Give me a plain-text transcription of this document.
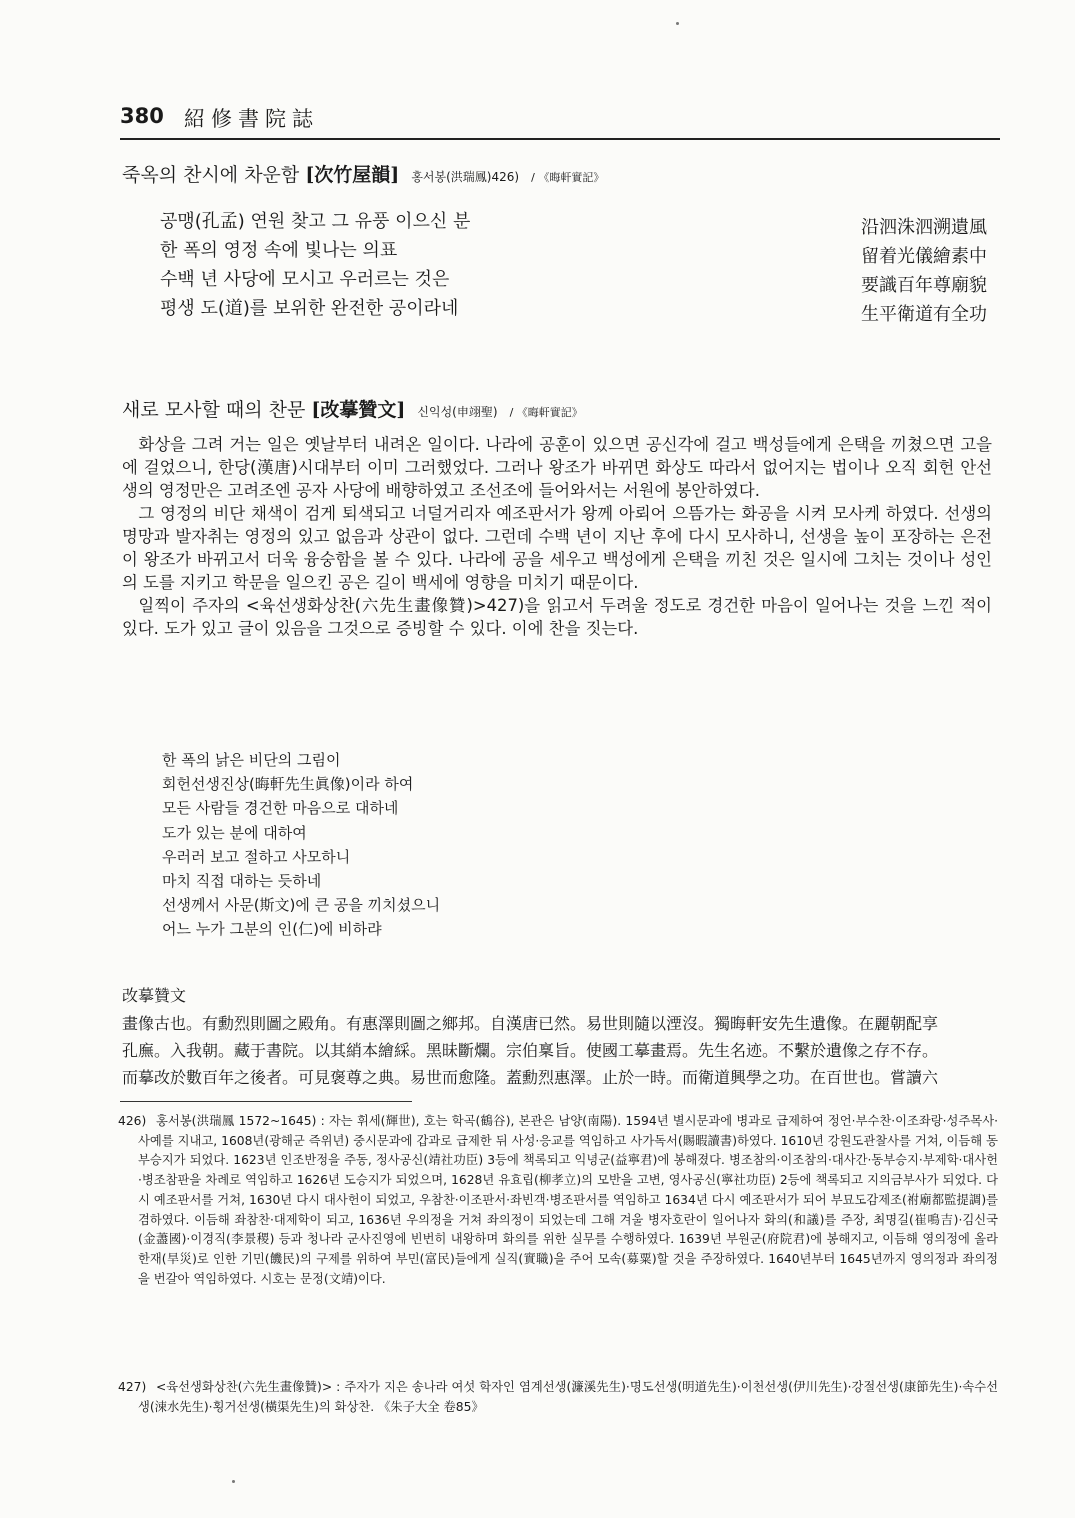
380 紹修書院誌
죽옥의 찬시에 차운함 [次竹屋韻] 홍서봉(洪瑞鳳)426) / 《晦軒實記》
공맹(孔孟) 연원 찾고 그 유풍 이으신 분
한 폭의 영정 속에 빛나는 의표
수백 년 사당에 모시고 우러르는 것은
평생 도(道)를 보위한 완전한 공이라네
沿泗洙泗溯遺風
留着光儀繪素中
要識百年尊廟貌
生平衛道有全功
새로 모사할 때의 찬문 [改摹贊文] 신익성(申翊聖) / 《晦軒實記》

화상을 그려 거는 일은 옛날부터 내려온 일이다. 나라에 공훈이 있으면 공신각에 걸고 백성들에게 은택을 끼쳤으면 고을에 걸었으니, 한당(漢唐)시대부터 이미 그러했었다. 그러나 왕조가 바뀌면 화상도 따라서 없어지는 법이나 오직 회헌 안선생의 영정만은 고려조엔 공자 사당에 배향하였고 조선조에 들어와서는 서원에 봉안하였다.

그 영정의 비단 채색이 검게 퇴색되고 너덜거리자 예조판서가 왕께 아뢰어 으뜸가는 화공을 시켜 모사케 하였다. 선생의 명망과 발자취는 영정의 있고 없음과 상관이 없다. 그런데 수백 년이 지난 후에 다시 모사하니, 선생을 높이 포장하는 은전이 왕조가 바뀌고서 더욱 융숭함을 볼 수 있다. 나라에 공을 세우고 백성에게 은택을 끼친 것은 일시에 그치는 것이나 성인의 도를 지키고 학문을 일으킨 공은 길이 백세에 영향을 미치기 때문이다.

일찍이 주자의 <육선생화상찬(六先生畫像贊)>427)을 읽고서 두려울 정도로 경건한 마음이 일어나는 것을 느낀 적이 있다. 도가 있고 글이 있음을 그것으로 증빙할 수 있다. 이에 찬을 짓는다.

한 폭의 낡은 비단의 그림이
회헌선생진상(晦軒先生眞像)이라 하여
모든 사람들 경건한 마음으로 대하네
도가 있는 분에 대하여
우러러 보고 절하고 사모하니
마치 직접 대하는 듯하네
선생께서 사문(斯文)에 큰 공을 끼치셨으니
어느 누가 그분의 인(仁)에 비하랴
改摹贊文
畫像古也。有勳烈則圖之殿角。有惠澤則圖之鄉邦。自漢唐已然。易世則隨以湮沒。獨晦軒安先生遺像。在麗朝配享
孔廡。入我朝。藏于書院。以其綃本繪綵。黑昧斷爛。宗伯稟旨。使國工摹畫焉。先生名迹。不繫於遺像之存不存。
而摹改於數百年之後者。可見褒尊之典。易世而愈隆。蓋勳烈惠澤。止於一時。而衛道興學之功。在百世也。嘗讀六
426) 홍서봉(洪瑞鳳 1572~1645) : 자는 휘세(輝世), 호는 학곡(鶴谷), 본관은 남양(南陽). 1594년 별시문과에 병과로 급제하여 정언·부수찬·이조좌랑·성주목사·사예를 지내고, 1608년(광해군 즉위년) 중시문과에 갑과로 급제한 뒤 사성·응교를 역임하고 사가독서(賜暇讀書)하였다. 1610년 강원도관찰사를 거쳐, 이듬해 동부승지가 되었다. 1623년 인조반정을 주동, 정사공신(靖社功臣) 3등에 책록되고 익녕군(益寧君)에 봉해졌다. 병조참의·이조참의·대사간·동부승지·부제학·대사헌·병조참판을 차례로 역임하고 1626년 도승지가 되었으며, 1628년 유효립(柳孝立)의 모반을 고변, 영사공신(寧社功臣) 2등에 책록되고 지의금부사가 되었다. 다시 예조판서를 거쳐, 1630년 다시 대사헌이 되었고, 우참찬·이조판서·좌빈객·병조판서를 역임하고 1634년 다시 예조판서가 되어 부묘도감제조(祔廟都監提調)를 겸하였다. 이듬해 좌참찬·대제학이 되고, 1636년 우의정을 거쳐 좌의정이 되었는데 그해 겨울 병자호란이 일어나자 화의(和議)를 주장, 최명길(崔鳴吉)·김신국(金藎國)·이경직(李景稷) 등과 청나라 군사진영에 빈번히 내왕하며 화의를 위한 실무를 수행하였다. 1639년 부원군(府院君)에 봉해지고, 이듬해 영의정에 올라 한재(旱災)로 인한 기민(饑民)의 구제를 위하여 부민(富民)들에게 실직(實職)을 주어 모속(募粟)할 것을 주장하였다. 1640년부터 1645년까지 영의정과 좌의정을 번갈아 역임하였다. 시호는 문정(文靖)이다.
427) <육선생화상찬(六先生畫像贊)> : 주자가 지은 송나라 여섯 학자인 염계선생(濂溪先生)·명도선생(明道先生)·이천선생(伊川先生)·강절선생(康節先生)·속수선생(涑水先生)·횡거선생(橫渠先生)의 화상찬. 《朱子大全 卷85》
